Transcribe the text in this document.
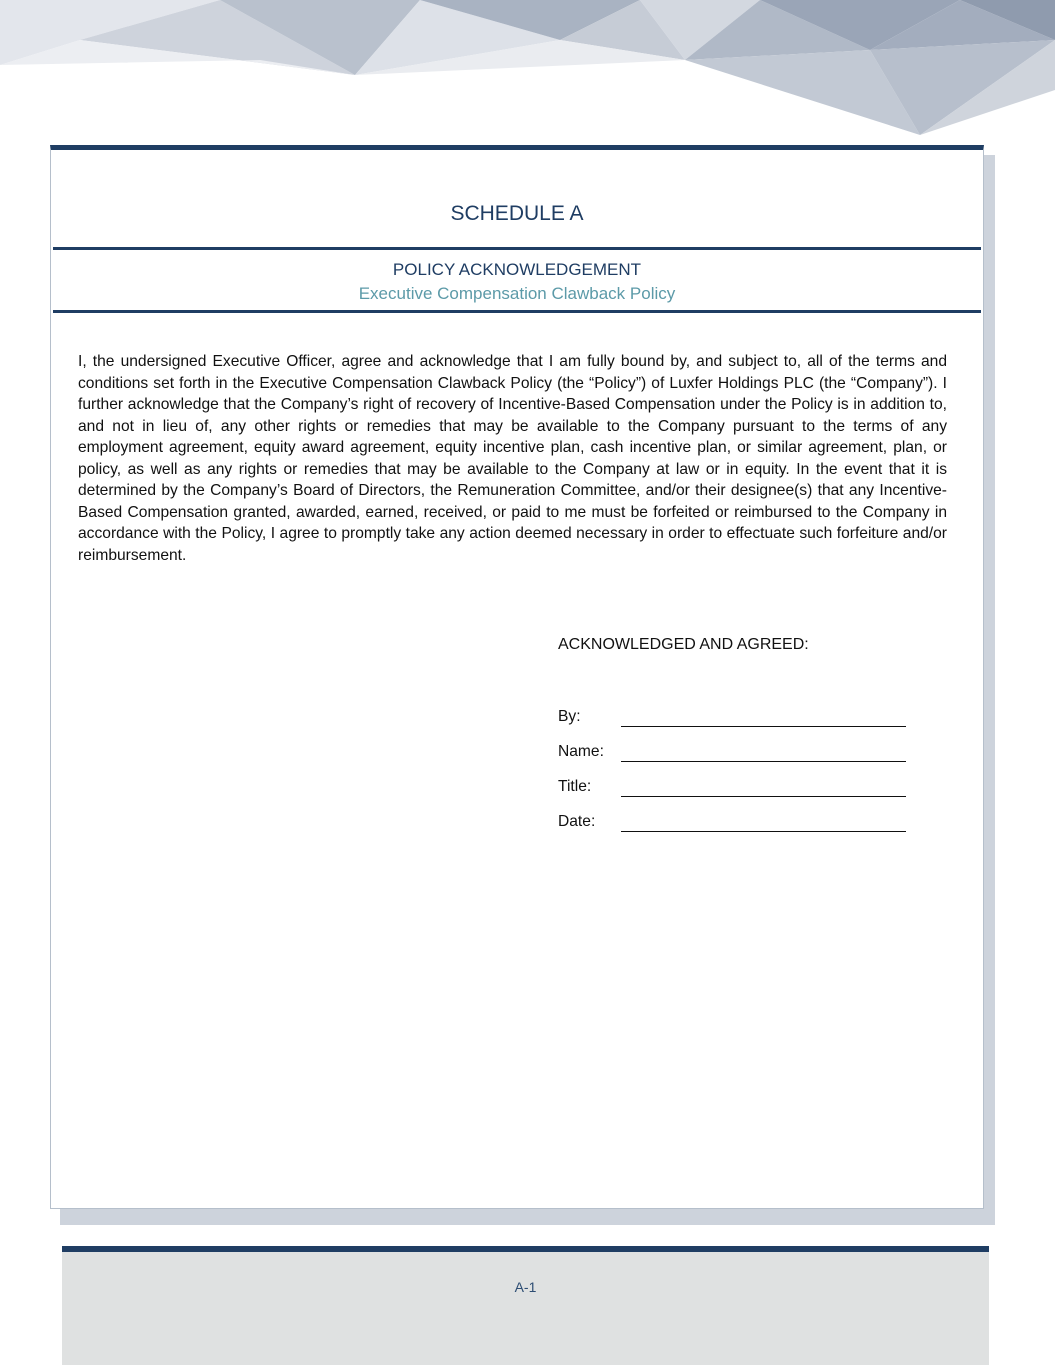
SCHEDULE A
POLICY ACKNOWLEDGEMENT
Executive Compensation Clawback Policy

I, the undersigned Executive Officer, agree and acknowledge that I am fully bound by, and subject to, all of the terms and conditions set forth in the Executive Compensation Clawback Policy (the “Policy”) of Luxfer Holdings PLC (the “Company”). I further acknowledge that the Company’s right of recovery of Incentive-Based Compensation under the Policy is in addition to, and not in lieu of, any other rights or remedies that may be available to the Company pursuant to the terms of any employment agreement, equity award agreement, equity incentive plan, cash incentive plan, or similar agreement, plan, or policy, as well as any rights or remedies that may be available to the Company at law or in equity. In the event that it is determined by the Company’s Board of Directors, the Remuneration Committee, and/or their designee(s) that any Incentive-Based Compensation granted, awarded, earned, received, or paid to me must be forfeited or reimbursed to the Company in accordance with the Policy, I agree to promptly take any action deemed necessary in order to effectuate such forfeiture and/or reimbursement.

ACKNOWLEDGED AND AGREED:
By:
Name:
Title:
Date:
A-1
